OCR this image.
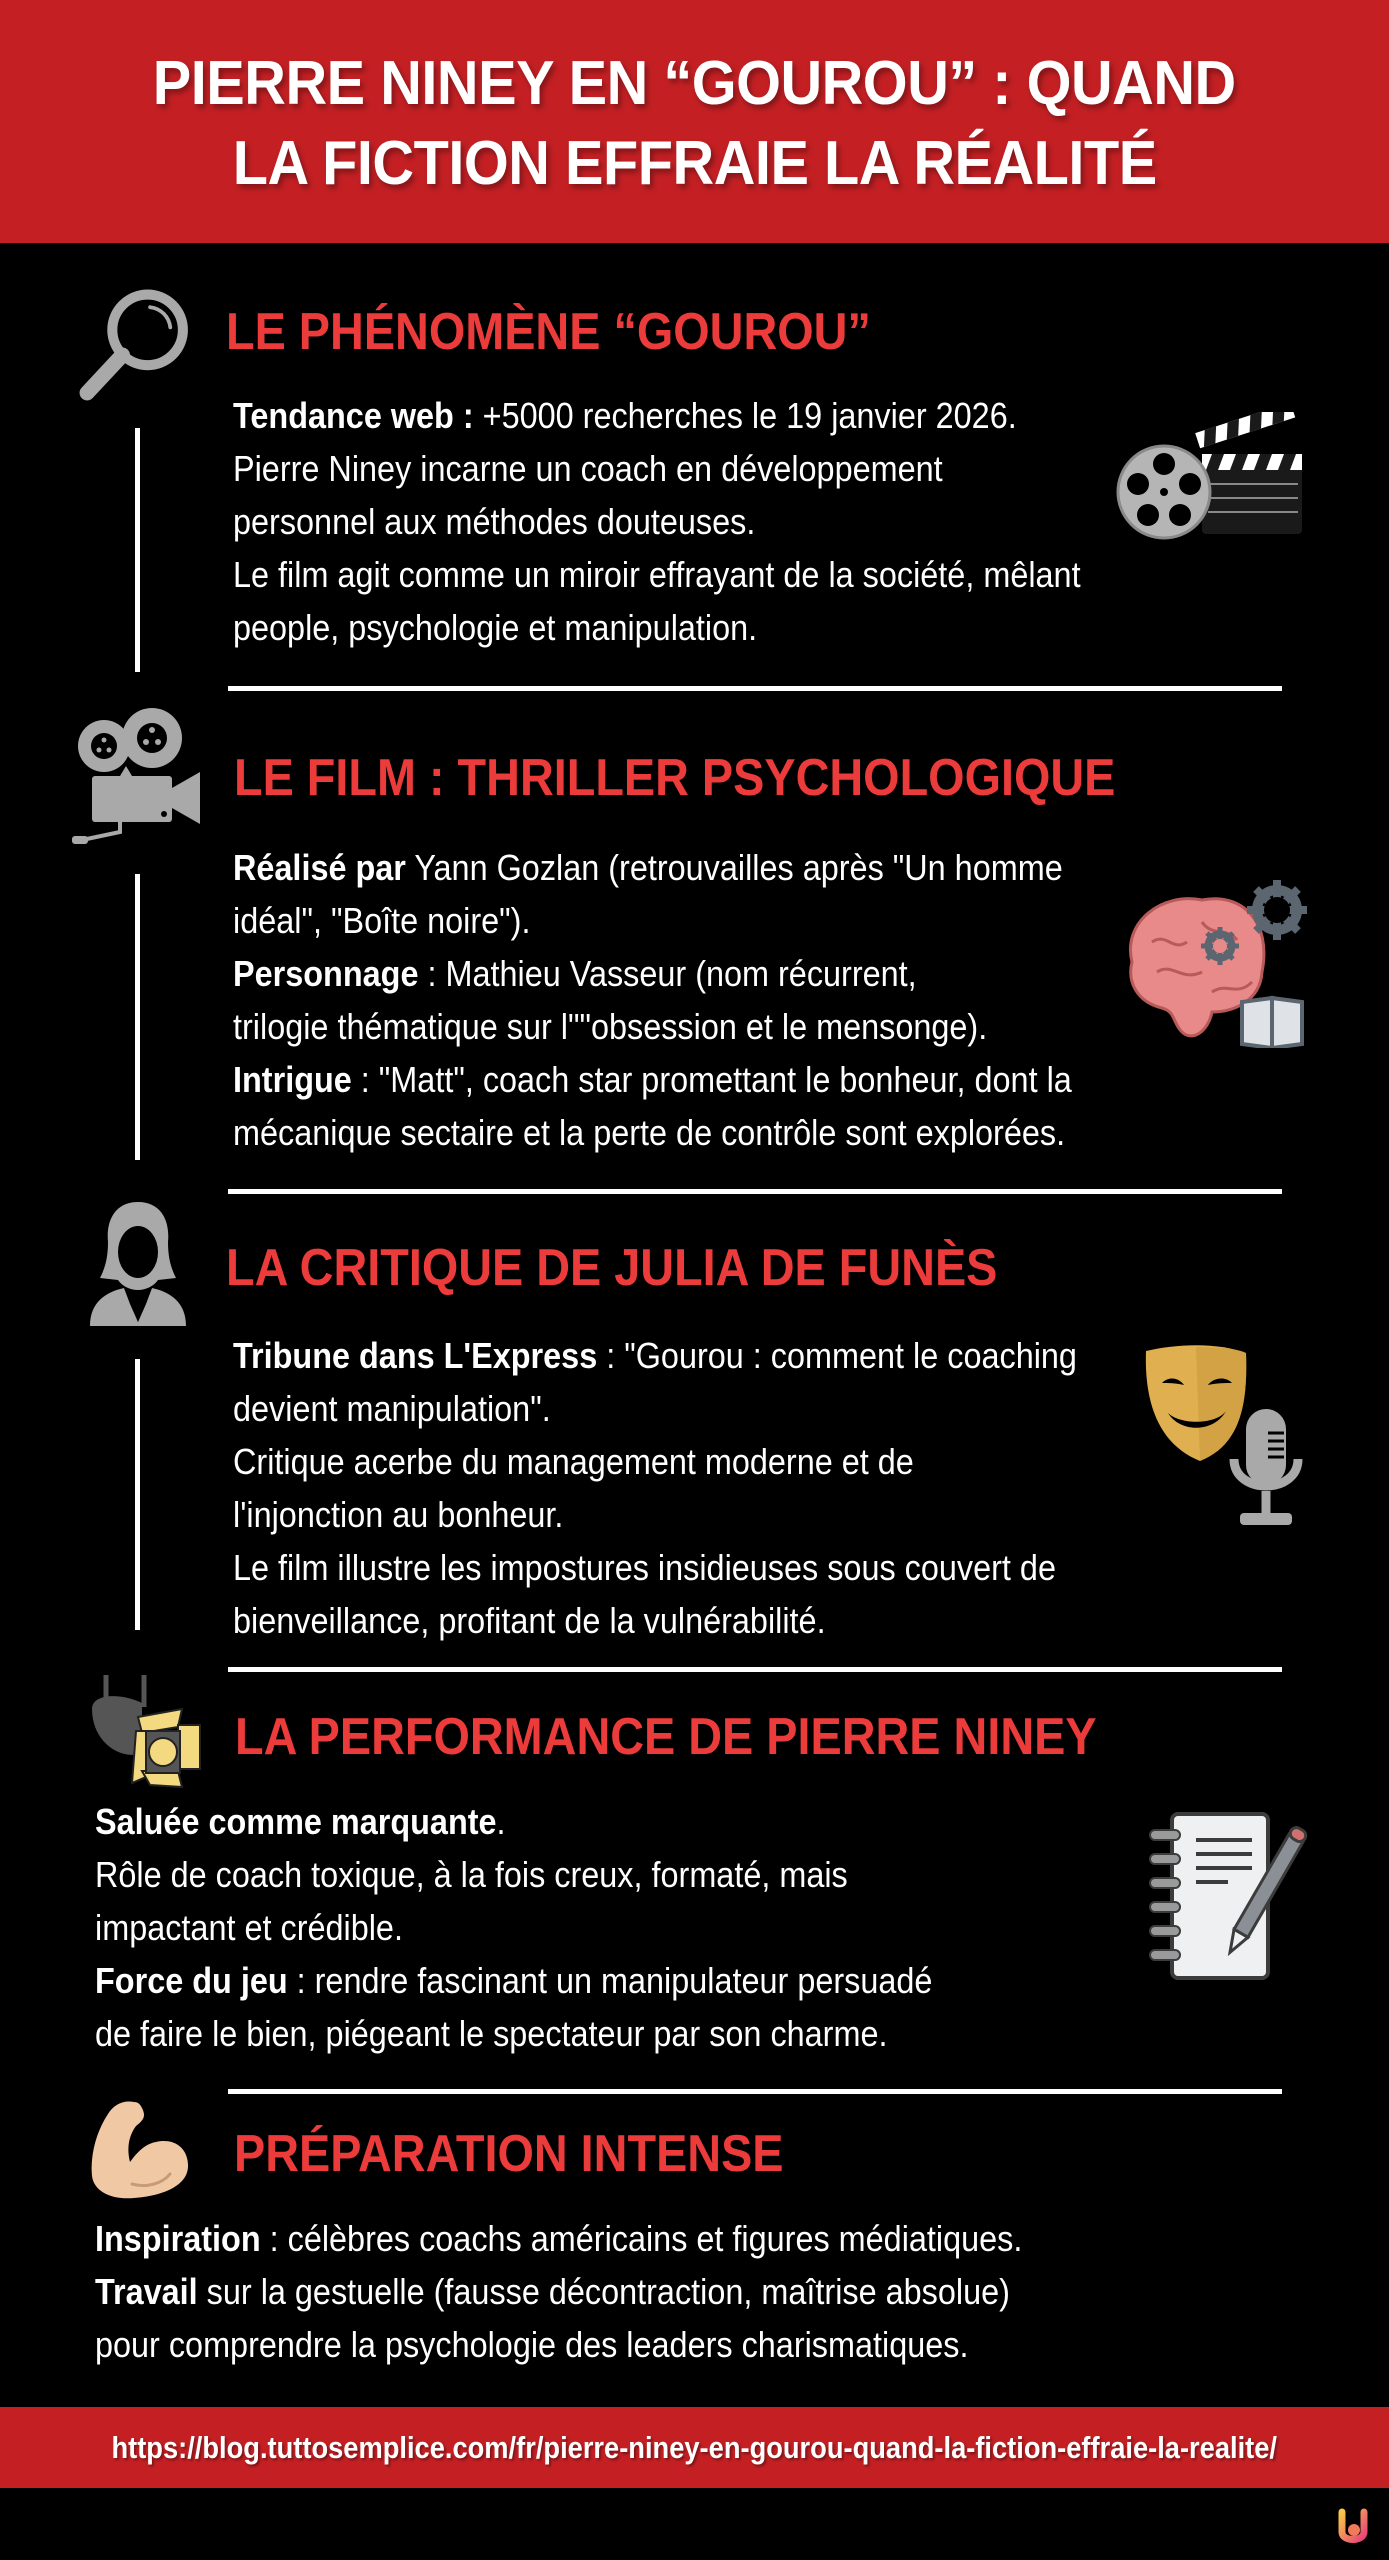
PIERRE NINEY EN “GOUROU” : QUAND
LA FICTION EFFRAIE LA RÉALITÉ
LE PHÉNOMÈNE “GOUROU”
Tendance web : +5000 recherches le 19 janvier 2026.
Pierre Niney incarne un coach en développement
personnel aux méthodes douteuses.
Le film agit comme un miroir effrayant de la société, mêlant
people, psychologie et manipulation.
LE FILM : THRILLER PSYCHOLOGIQUE
Réalisé par Yann Gozlan (retrouvailles après "Un homme
idéal", "Boîte noire").
Personnage : Mathieu Vasseur (nom récurrent,
trilogie thématique sur l""obsession et le mensonge).
Intrigue : "Matt", coach star promettant le bonheur, dont la
mécanique sectaire et la perte de contrôle sont explorées.
LA CRITIQUE DE JULIA DE FUNÈS
Tribune dans L'Express : "Gourou : comment le coaching
devient manipulation".
Critique acerbe du management moderne et de
l'injonction au bonheur.
Le film illustre les impostures insidieuses sous couvert de
bienveillance, profitant de la vulnérabilité.
LA PERFORMANCE DE PIERRE NINEY
Saluée comme marquante.
Rôle de coach toxique, à la fois creux, formaté, mais
impactant et crédible.
Force du jeu : rendre fascinant un manipulateur persuadé
de faire le bien, piégeant le spectateur par son charme.
PRÉPARATION INTENSE
Inspiration : célèbres coachs américains et figures médiatiques.
Travail sur la gestuelle (fausse décontraction, maîtrise absolue)
pour comprendre la psychologie des leaders charismatiques.
https://blog.tuttosemplice.com/fr/pierre-niney-en-gourou-quand-la-fiction-effraie-la-realite/
